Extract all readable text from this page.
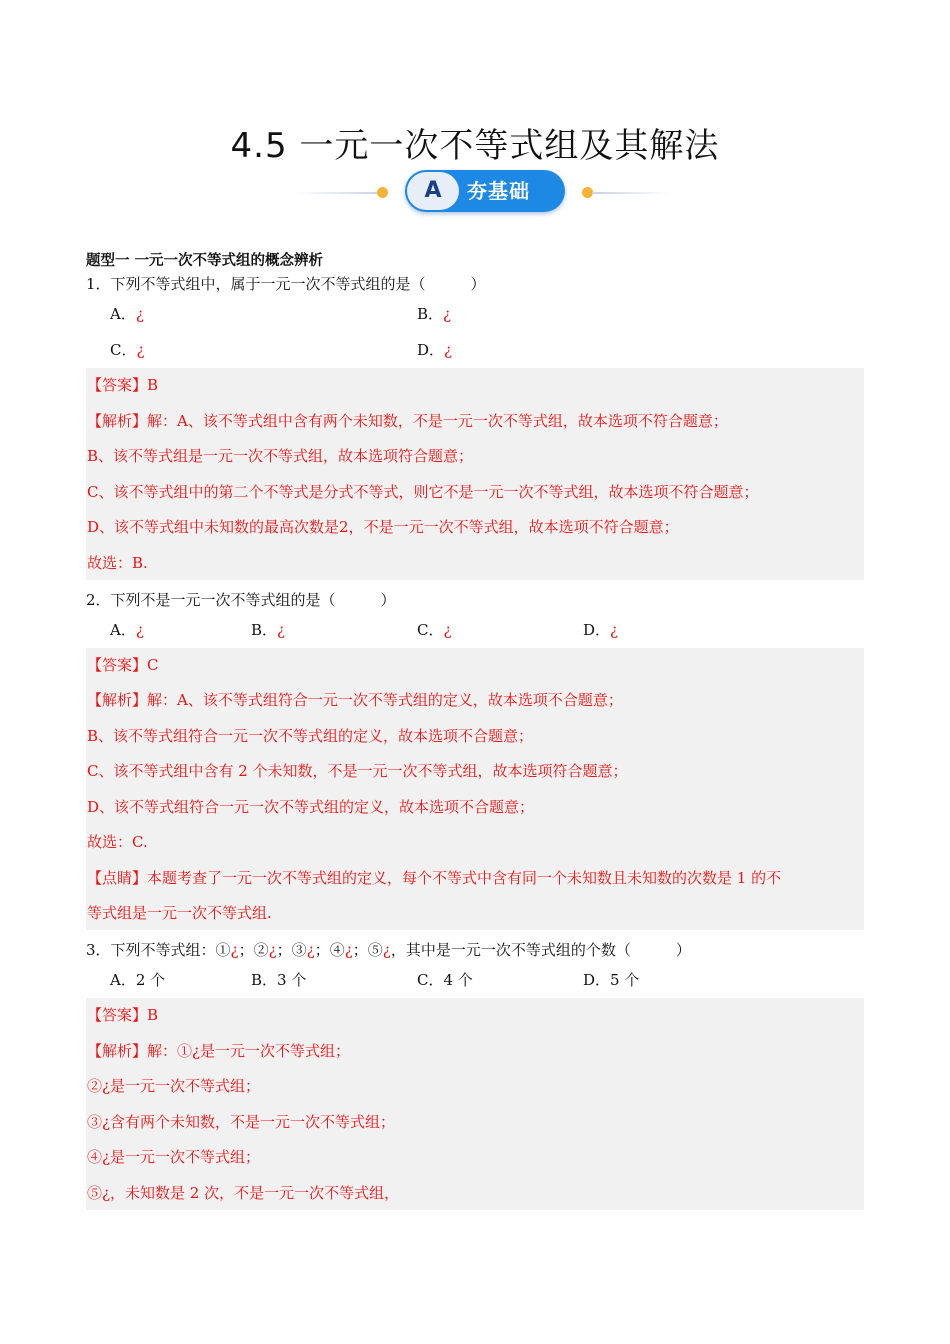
4.5 一元一次不等式组及其解法
A	夯基础
题型一 一元一次不等式组的概念辨析
1．下列不等式组中，属于一元一次不等式组的是（　　　）
A．¿	B．¿
C．¿	D．¿
【答案】B
【解析】解：A、该不等式组中含有两个未知数，不是一元一次不等式组，故本选项不符合题意；
B、该不等式组是一元一次不等式组，故本选项符合题意；
C、该不等式组中的第二个不等式是分式不等式，则它不是一元一次不等式组，故本选项不符合题意；
D、该不等式组中未知数的最高次数是2，不是一元一次不等式组，故本选项不符合题意；
故选：B.
2．下列不是一元一次不等式组的是（　　　）
A．¿	B．¿	C．¿	D．¿
【答案】C
【解析】解：A、该不等式组符合一元一次不等式组的定义，故本选项不合题意；
B、该不等式组符合一元一次不等式组的定义，故本选项不合题意；
C、该不等式组中含有 2 个未知数，不是一元一次不等式组，故本选项符合题意；
D、该不等式组符合一元一次不等式组的定义，故本选项不合题意；
故选：C.
【点睛】本题考查了一元一次不等式组的定义，每个不等式中含有同一个未知数且未知数的次数是 1 的不
等式组是一元一次不等式组.
3．下列不等式组：①¿；②¿；③¿；④¿；⑤¿，其中是一元一次不等式组的个数（　　　）
A．2 个	B．3 个	C．4 个	D．5 个
【答案】B
【解析】解：①¿是一元一次不等式组；
②¿是一元一次不等式组；
③¿含有两个未知数，不是一元一次不等式组；
④¿是一元一次不等式组；
⑤¿，未知数是 2 次，不是一元一次不等式组，
